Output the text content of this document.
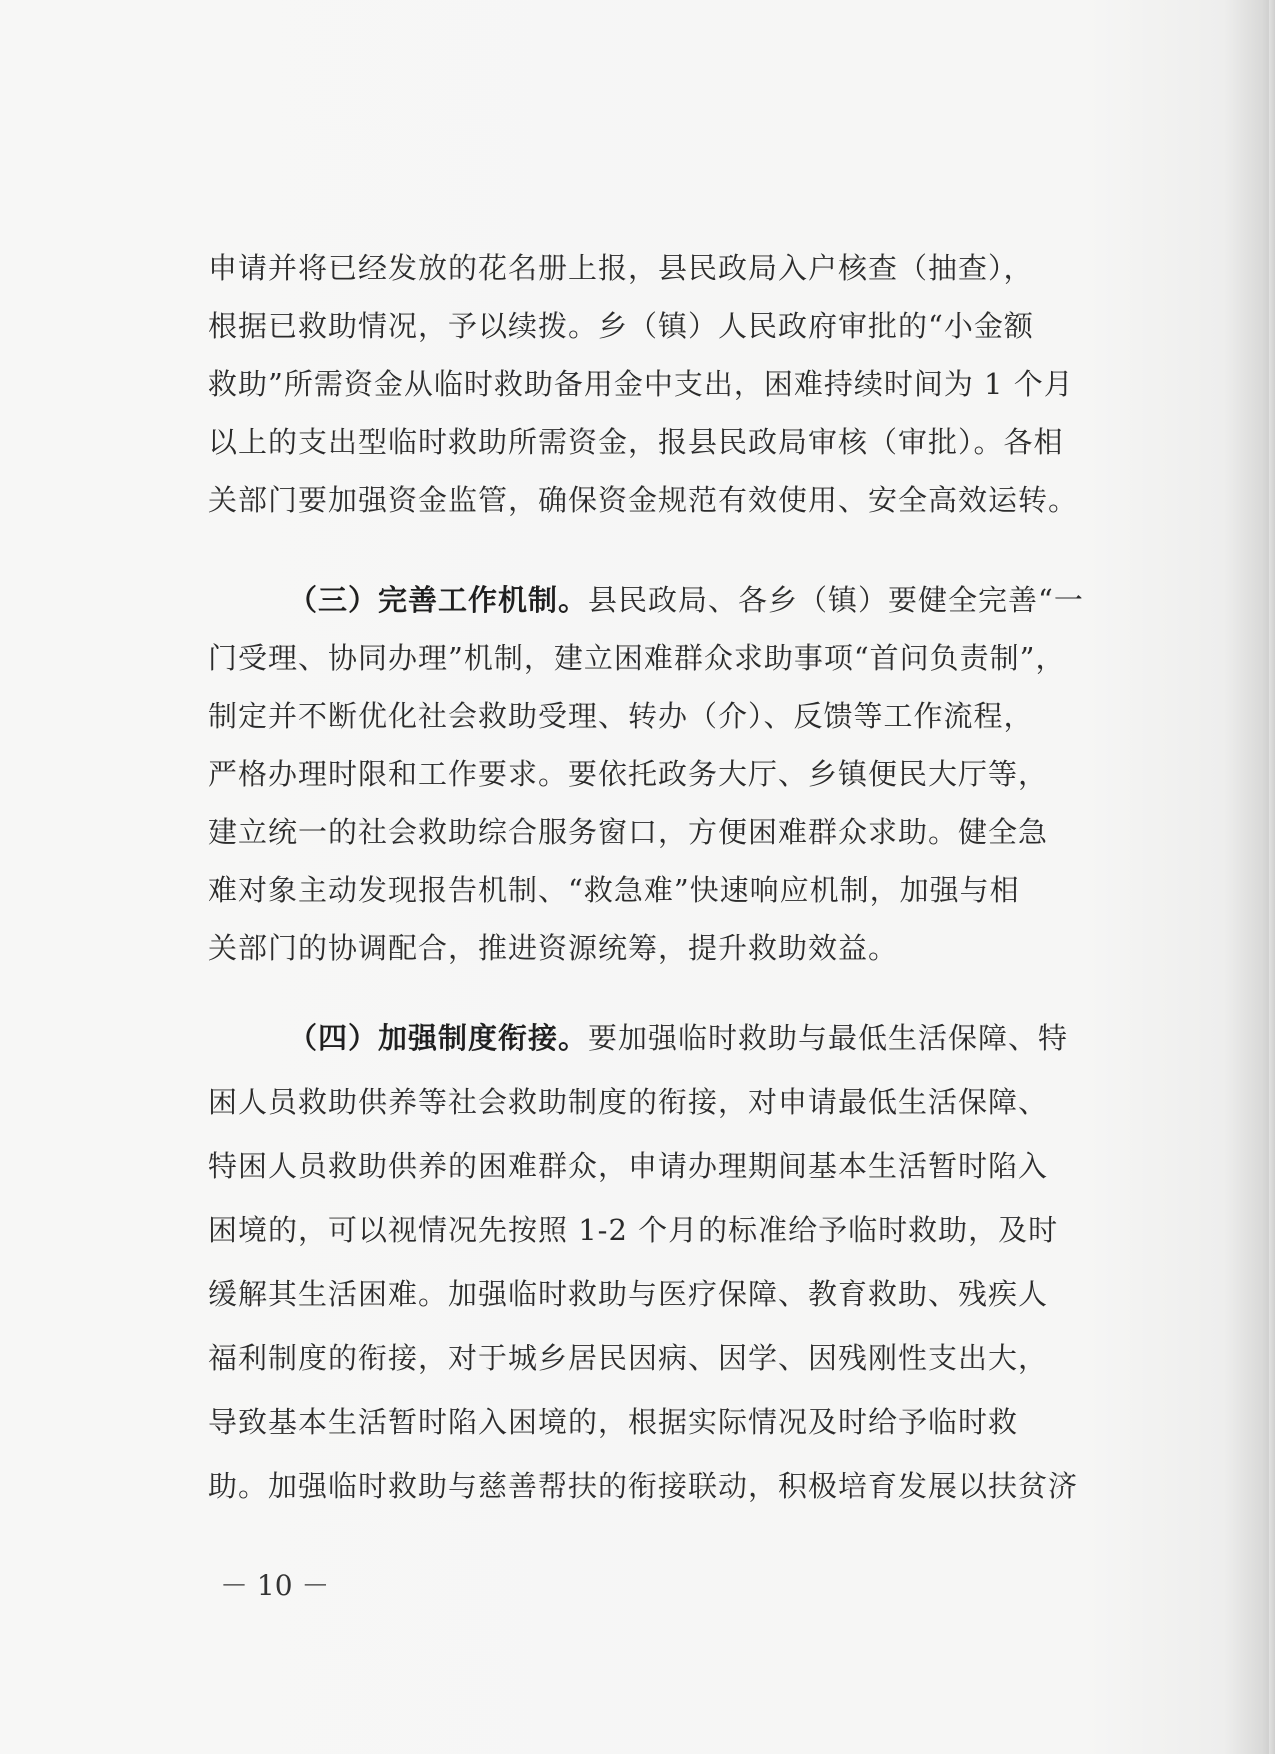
申请并将已经发放的花名册上报，县民政局入户核查（抽查），
根据已救助情况，予以续拨。乡（镇）人民政府审批的“小金额
救助”所需资金从临时救助备用金中支出，困难持续时间为 1 个月
以上的支出型临时救助所需资金，报县民政局审核（审批）。各相
关部门要加强资金监管，确保资金规范有效使用、安全高效运转。
（三）完善工作机制。县民政局、各乡（镇）要健全完善“一
门受理、协同办理”机制，建立困难群众求助事项“首问负责制”，
制定并不断优化社会救助受理、转办（介）、反馈等工作流程，
严格办理时限和工作要求。要依托政务大厅、乡镇便民大厅等，
建立统一的社会救助综合服务窗口，方便困难群众求助。健全急
难对象主动发现报告机制、“救急难”快速响应机制，加强与相
关部门的协调配合，推进资源统筹，提升救助效益。
（四）加强制度衔接。要加强临时救助与最低生活保障、特
困人员救助供养等社会救助制度的衔接，对申请最低生活保障、
特困人员救助供养的困难群众，申请办理期间基本生活暂时陷入
困境的，可以视情况先按照 1-2 个月的标准给予临时救助，及时
缓解其生活困难。加强临时救助与医疗保障、教育救助、残疾人
福利制度的衔接，对于城乡居民因病、因学、因残刚性支出大，
导致基本生活暂时陷入困境的，根据实际情况及时给予临时救
助。加强临时救助与慈善帮扶的衔接联动，积极培育发展以扶贫济
－ 10 －
